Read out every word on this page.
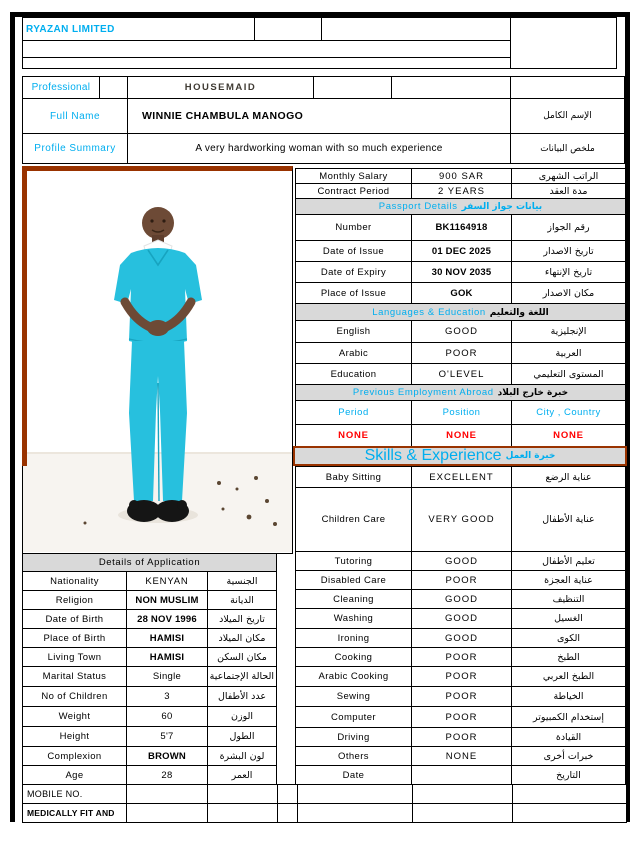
RYAZAN LIMITED
Professional	HOUSEMAID
Full Name	WINNIE CHAMBULA MANOGO	الإسم الكامل
Profile Summary	A very hardworking woman with so much experience	ملخص البيانات
Monthly Salary	900 SAR	الراتب الشهرى
Contract Period	2 YEARS	مدة العقد
Passport Details بيانات جواز السفر		
Number	BK1164918	رقم الجواز
Date of Issue	01 DEC 2025	تاريخ الاصدار
Date of Expiry	30 NOV 2035	تاريخ الإنتهاء
Place of Issue	GOK	مكان الاصدار
Languages & Education اللغة والتعليم		
English	GOOD	الإنجليزية
Arabic	POOR	العربية
Education	O'LEVEL	المستوى التعليمي
Previous Employment Abroad خبرة خارج البلاد		
Period	Position	City , Country
NONE	NONE	NONE
Skills & Experience خبرة العمل
Baby Sitting	EXCELLENT	عناية الرضع
Children Care	VERY GOOD	عناية الأطفال
Tutoring	GOOD	تعليم الأطفال
Disabled Care	POOR	عناية العجزة
Cleaning	GOOD	التنظيف
Washing	GOOD	الغسيل
Ironing	GOOD	الكوى
Cooking	POOR	الطبخ
Arabic Cooking	POOR	الطبخ العربي
Sewing	POOR	الخياطة
Computer	POOR	إستخدام الكمبيوتر
Driving	POOR	القيادة
Others	NONE	خبرات أخرى
Date		التاريخ
Details of Application		
Nationality	KENYAN	الجنسية
Religion	NON MUSLIM	الديانة
Date of Birth	28 NOV 1996	تاريخ الميلاد
Place of Birth	HAMISI	مكان الميلاد
Living Town	HAMISI	مكان السكن
Marital Status	Single	الحالة الإجتماعية
No of Children	3	عدد الأطفال
Weight	60	الوزن
Height	5'7	الطول
Complexion	BROWN	لون البشرة
Age	28	العمر
MOBILE NO.						
MEDICALLY FIT AND						
